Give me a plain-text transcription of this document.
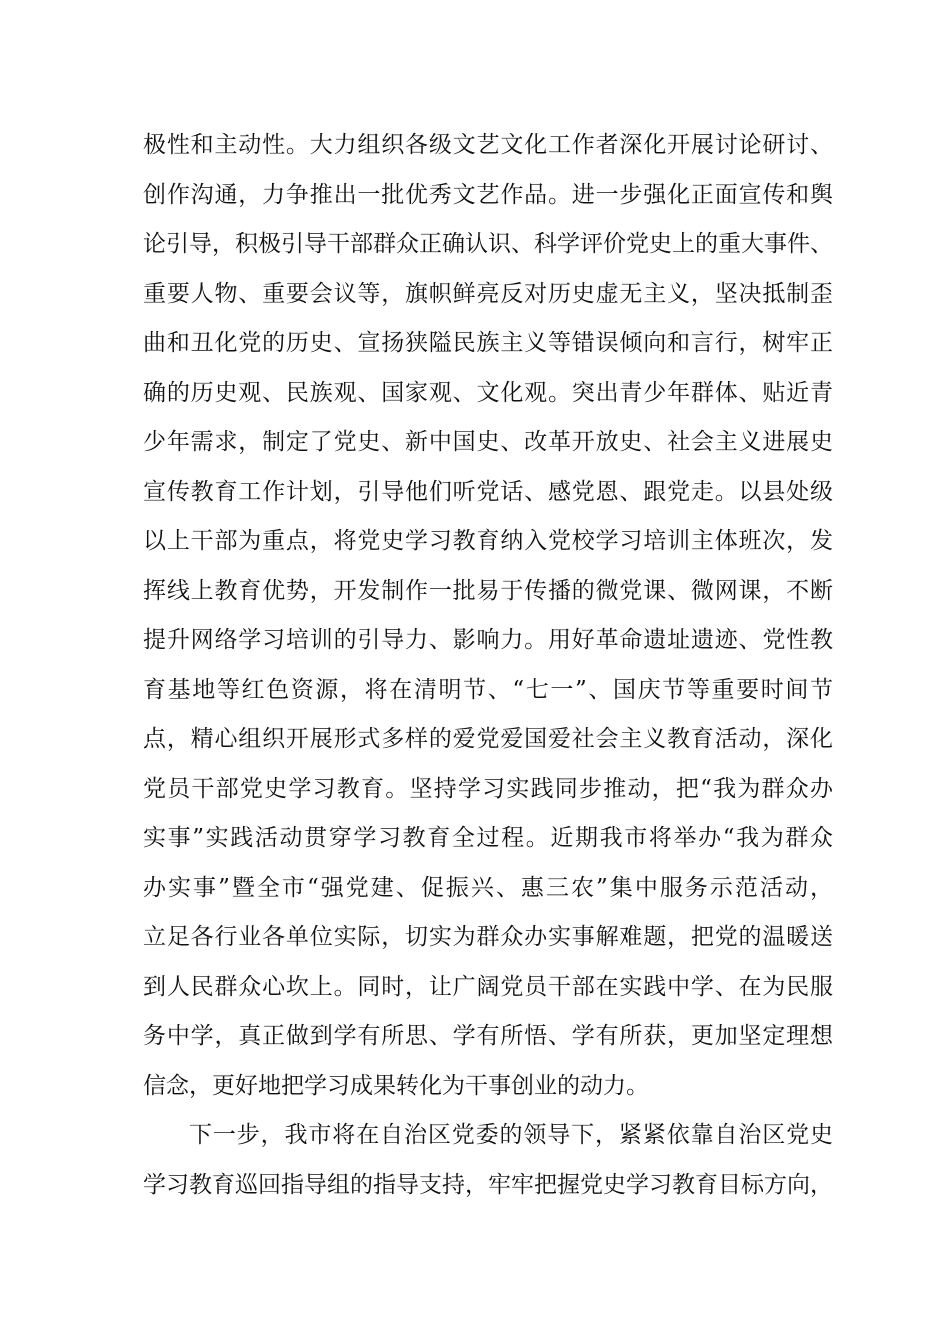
极性和主动性。大力组织各级文艺文化工作者深化开展讨论研讨、
创作沟通，力争推出一批优秀文艺作品。进一步强化正面宣传和舆
论引导，积极引导干部群众正确认识、科学评价党史上的重大事件、
重要人物、重要会议等，旗帜鲜亮反对历史虚无主义，坚决抵制歪
曲和丑化党的历史、宣扬狭隘民族主义等错误倾向和言行，树牢正
确的历史观、民族观、国家观、文化观。突出青少年群体、贴近青
少年需求，制定了党史、新中国史、改革开放史、社会主义进展史
宣传教育工作计划，引导他们听党话、感党恩、跟党走。以县处级
以上干部为重点，将党史学习教育纳入党校学习培训主体班次，发
挥线上教育优势，开发制作一批易于传播的微党课、微网课，不断
提升网络学习培训的引导力、影响力。用好革命遗址遗迹、党性教
育基地等红色资源，将在清明节、“七一”、国庆节等重要时间节
点，精心组织开展形式多样的爱党爱国爱社会主义教育活动，深化
党员干部党史学习教育。坚持学习实践同步推动，把“我为群众办
实事”实践活动贯穿学习教育全过程。近期我市将举办“我为群众
办实事”暨全市“强党建、促振兴、惠三农”集中服务示范活动，
立足各行业各单位实际，切实为群众办实事解难题，把党的温暖送
到人民群众心坎上。同时，让广阔党员干部在实践中学、在为民服
务中学，真正做到学有所思、学有所悟、学有所获，更加坚定理想
信念，更好地把学习成果转化为干事创业的动力。
下一步，我市将在自治区党委的领导下，紧紧依靠自治区党史
学习教育巡回指导组的指导支持，牢牢把握党史学习教育目标方向，
